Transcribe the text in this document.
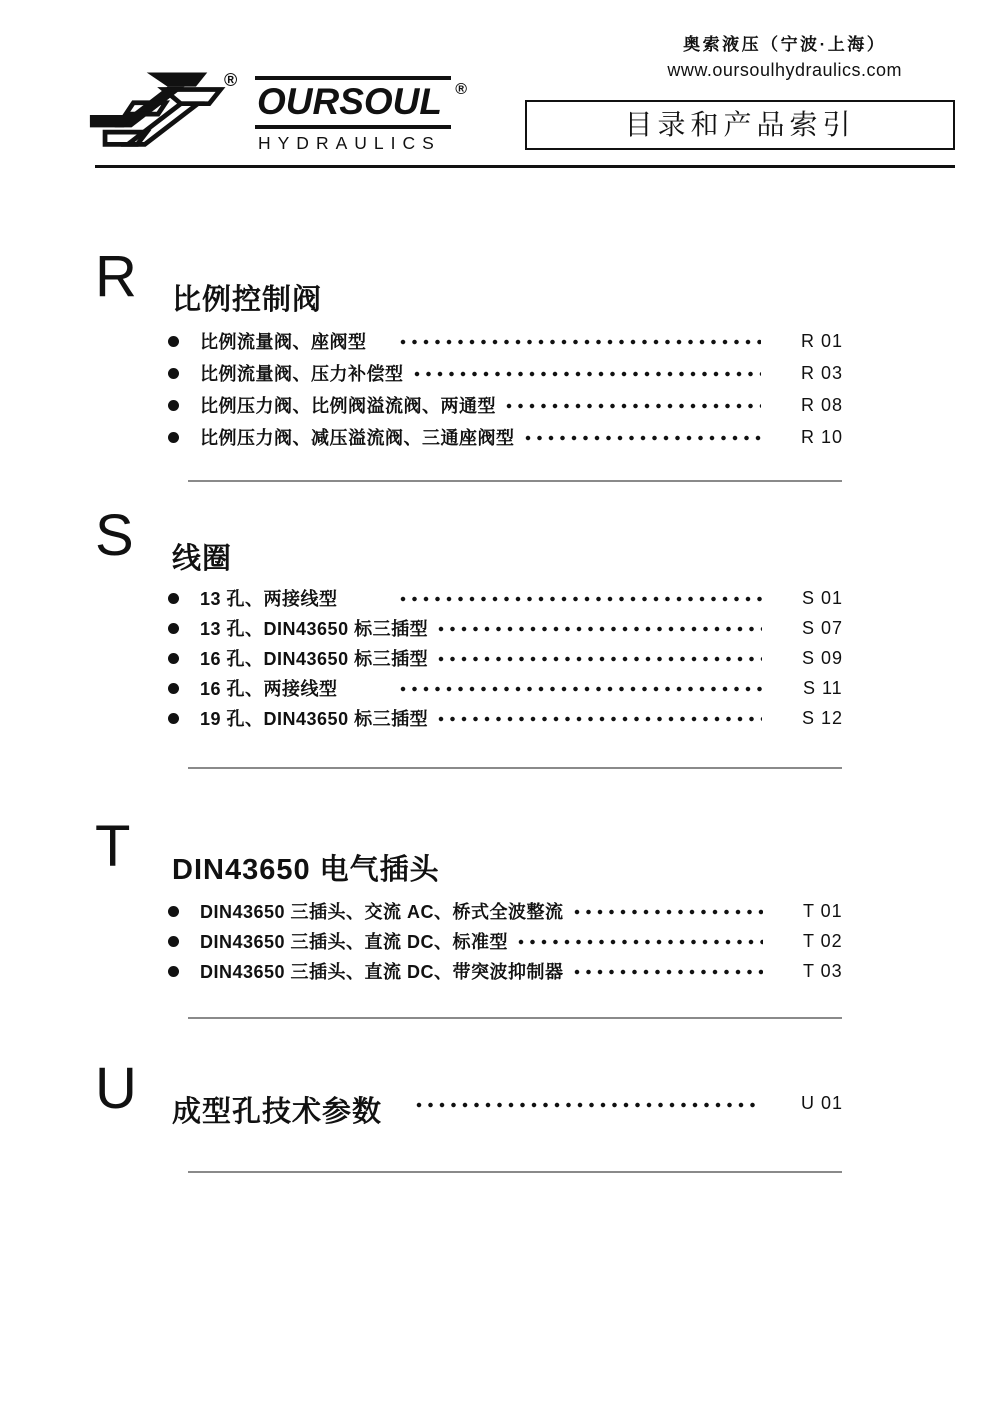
奥索液压（宁波·上海）
www.oursoulhydraulics.com
®
OURSOUL ®
HYDRAULICS
目录和产品索引
R	比例控制阀
比例流量阀、座阀型	R 01
比例流量阀、压力补偿型	R 03
比例压力阀、比例阀溢流阀、两通型	R 08
比例压力阀、减压溢流阀、三通座阀型	R 10
S	线圈
13 孔、两接线型	S 01
13 孔、DIN43650 标三插型	S 07
16 孔、DIN43650 标三插型	S 09
16 孔、两接线型	S 11
19 孔、DIN43650 标三插型	S 12
T	DIN43650 电气插头
DIN43650 三插头、交流 AC、桥式全波整流	T 01
DIN43650 三插头、直流 DC、标准型	T 02
DIN43650 三插头、直流 DC、带突波抑制器	T 03
U	成型孔技术参数	U 01
